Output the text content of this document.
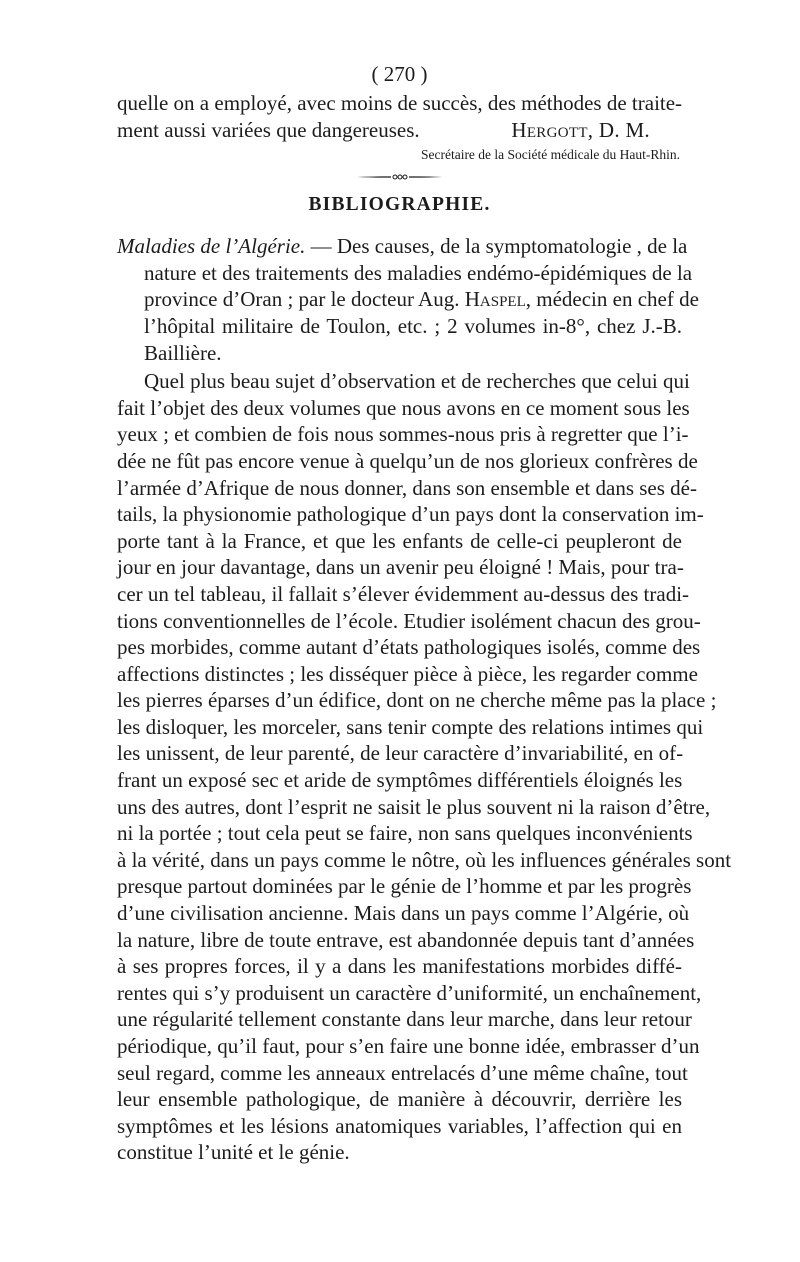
( 270 )
quelle on a employé, avec moins de succès, des méthodes de traite-
ment aussi variées que dangereuses.	Hergott, D. M.
Secrétaire de la Société médicale du Haut-Rhin.
BIBLIOGRAPHIE.
Maladies de l’Algérie. — Des causes, de la symptomatologie , de la
nature et des traitements des maladies endémo-épidémiques de la
province d’Oran ; par le docteur Aug. Haspel, médecin en chef de
l’hôpital militaire de Toulon, etc. ; 2 volumes in-8°, chez J.-B.
Baillière.
Quel plus beau sujet d’observation et de recherches que celui qui
fait l’objet des deux volumes que nous avons en ce moment sous les
yeux ; et combien de fois nous sommes-nous pris à regretter que l’i-
dée ne fût pas encore venue à quelqu’un de nos glorieux confrères de
l’armée d’Afrique de nous donner, dans son ensemble et dans ses dé-
tails, la physionomie pathologique d’un pays dont la conservation im-
porte tant à la France, et que les enfants de celle-ci peupleront de
jour en jour davantage, dans un avenir peu éloigné ! Mais, pour tra-
cer un tel tableau, il fallait s’élever évidemment au-dessus des tradi-
tions conventionnelles de l’école. Etudier isolément chacun des grou-
pes morbides, comme autant d’états pathologiques isolés, comme des
affections distinctes ; les disséquer pièce à pièce, les regarder comme
les pierres éparses d’un édifice, dont on ne cherche même pas la place ;
les disloquer, les morceler, sans tenir compte des relations intimes qui
les unissent, de leur parenté, de leur caractère d’invariabilité, en of-
frant un exposé sec et aride de symptômes différentiels éloignés les
uns des autres, dont l’esprit ne saisit le plus souvent ni la raison d’être,
ni la portée ; tout cela peut se faire, non sans quelques inconvénients
à la vérité, dans un pays comme le nôtre, où les influences générales sont
presque partout dominées par le génie de l’homme et par les progrès
d’une civilisation ancienne. Mais dans un pays comme l’Algérie, où
la nature, libre de toute entrave, est abandonnée depuis tant d’années
à ses propres forces, il y a dans les manifestations morbides diffé-
rentes qui s’y produisent un caractère d’uniformité, un enchaînement,
une régularité tellement constante dans leur marche, dans leur retour
périodique, qu’il faut, pour s’en faire une bonne idée, embrasser d’un
seul regard, comme les anneaux entrelacés d’une même chaîne, tout
leur ensemble pathologique, de manière à découvrir, derrière les
symptômes et les lésions anatomiques variables, l’affection qui en
constitue l’unité et le génie.
